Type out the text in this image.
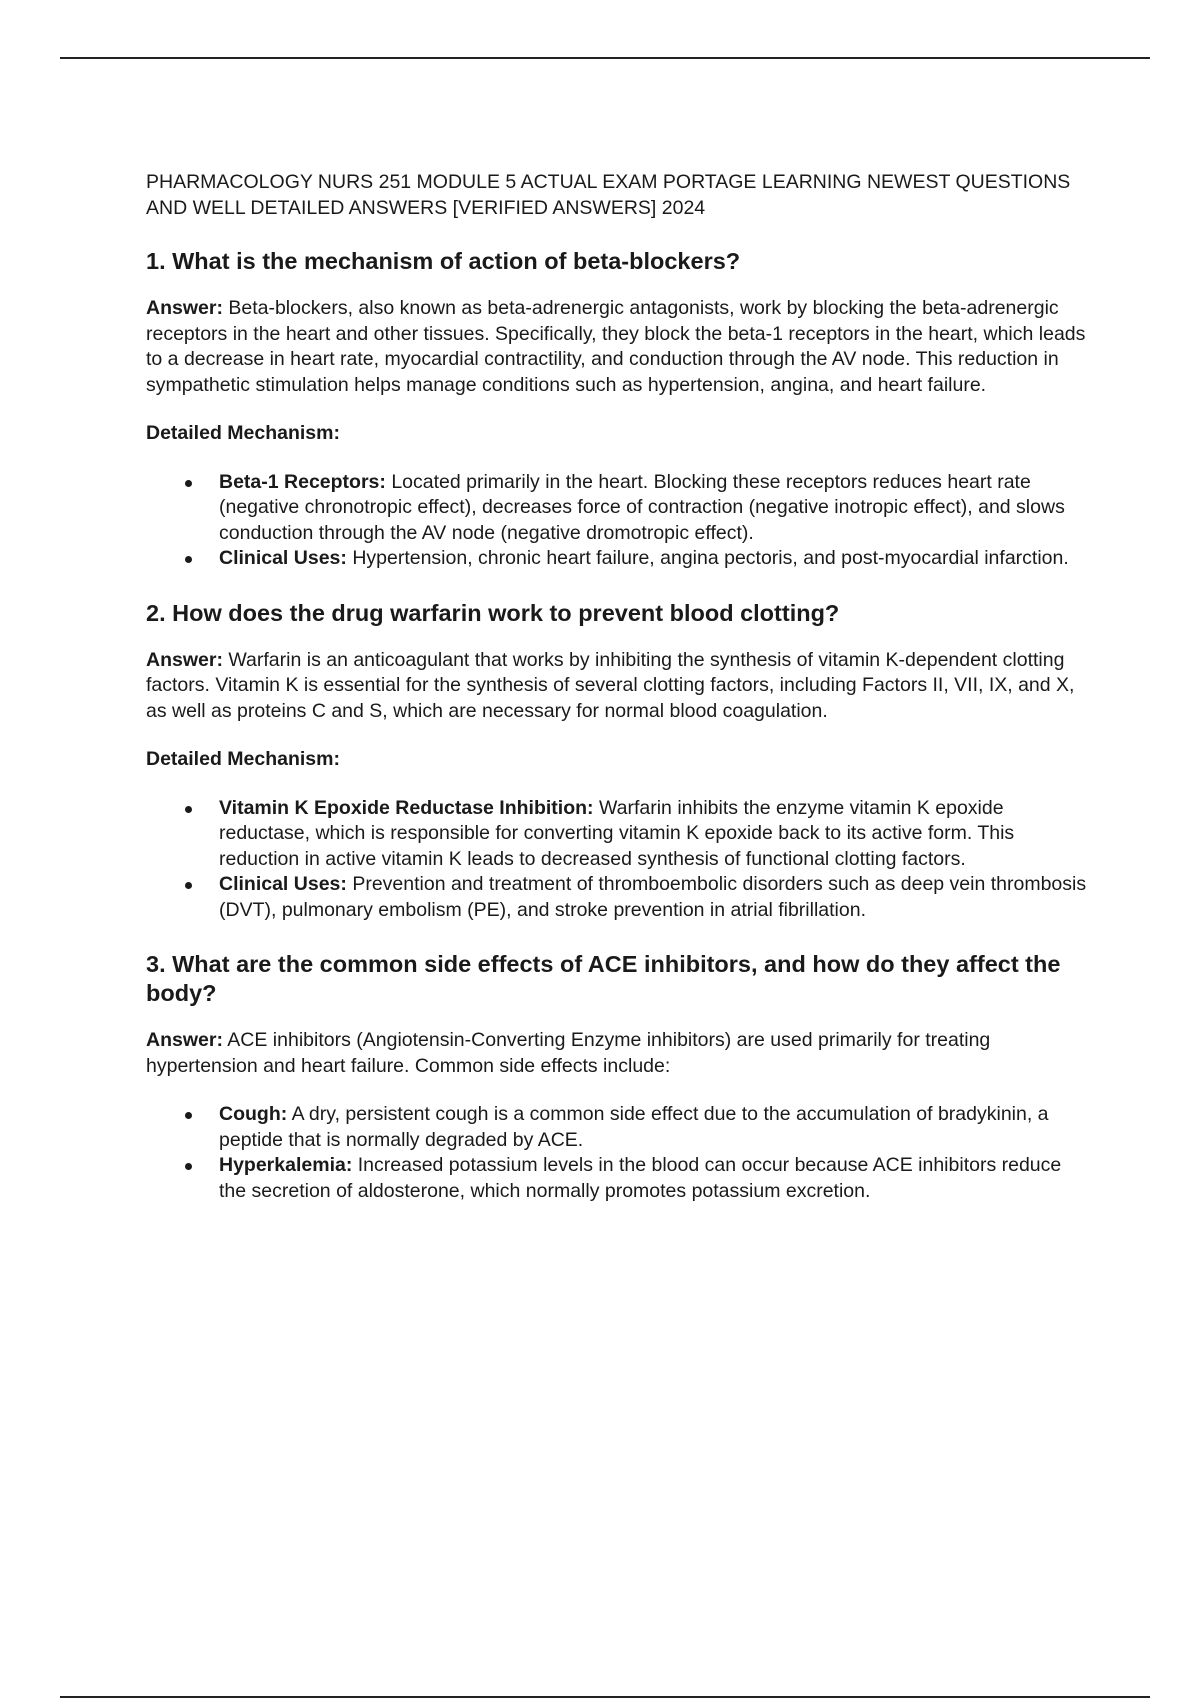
PHARMACOLOGY NURS 251 MODULE 5 ACTUAL EXAM PORTAGE LEARNING NEWEST QUESTIONS AND WELL DETAILED ANSWERS [VERIFIED ANSWERS] 2024
1. What is the mechanism of action of beta-blockers?

Answer: Beta-blockers, also known as beta-adrenergic antagonists, work by blocking the beta-adrenergic receptors in the heart and other tissues. Specifically, they block the beta-1 receptors in the heart, which leads to a decrease in heart rate, myocardial contractility, and conduction through the AV node. This reduction in sympathetic stimulation helps manage conditions such as hypertension, angina, and heart failure.

Detailed Mechanism:
Beta-1 Receptors: Located primarily in the heart. Blocking these receptors reduces heart rate (negative chronotropic effect), decreases force of contraction (negative inotropic effect), and slows conduction through the AV node (negative dromotropic effect).
Clinical Uses: Hypertension, chronic heart failure, angina pectoris, and post-myocardial infarction.
2. How does the drug warfarin work to prevent blood clotting?

Answer: Warfarin is an anticoagulant that works by inhibiting the synthesis of vitamin K-dependent clotting factors. Vitamin K is essential for the synthesis of several clotting factors, including Factors II, VII, IX, and X, as well as proteins C and S, which are necessary for normal blood coagulation.

Detailed Mechanism:
Vitamin K Epoxide Reductase Inhibition: Warfarin inhibits the enzyme vitamin K epoxide reductase, which is responsible for converting vitamin K epoxide back to its active form. This reduction in active vitamin K leads to decreased synthesis of functional clotting factors.
Clinical Uses: Prevention and treatment of thromboembolic disorders such as deep vein thrombosis (DVT), pulmonary embolism (PE), and stroke prevention in atrial fibrillation.
3. What are the common side effects of ACE inhibitors, and how do they affect the body?

Answer: ACE inhibitors (Angiotensin-Converting Enzyme inhibitors) are used primarily for treating hypertension and heart failure. Common side effects include:

Cough: A dry, persistent cough is a common side effect due to the accumulation of bradykinin, a peptide that is normally degraded by ACE.
Hyperkalemia: Increased potassium levels in the blood can occur because ACE inhibitors reduce the secretion of aldosterone, which normally promotes potassium excretion.
